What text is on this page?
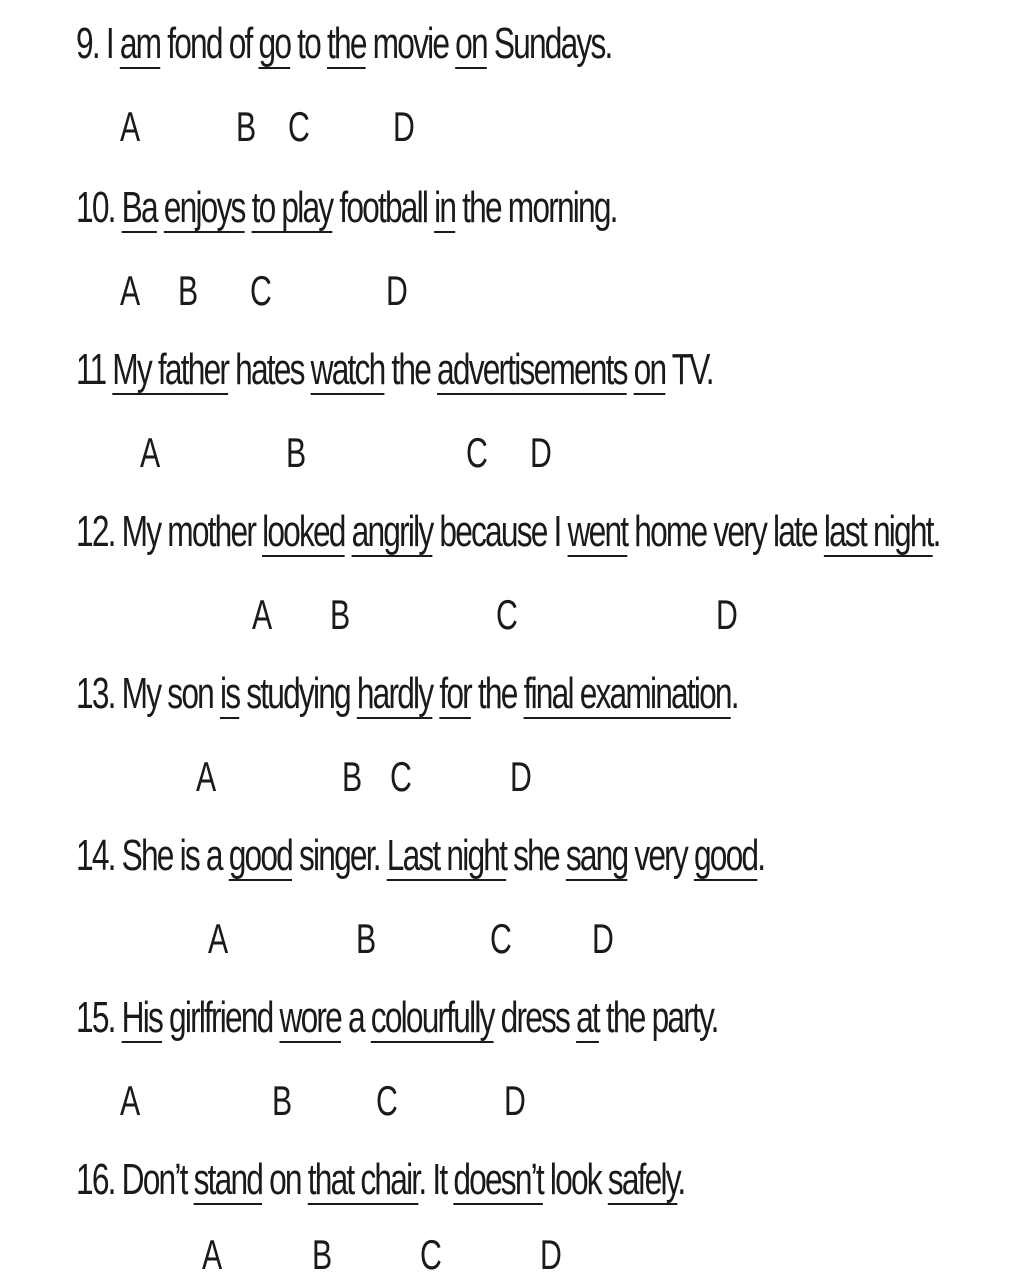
9. I am fond of go to the movie on Sundays.

A B C D

10. Ba enjoys to play football in the morning.

A B C	D

11 My father hates watch the advertisements on TV.

A	B	C D

12. My mother looked angrily because I went home very late last night.

A B	C	D

13. My son is studying hardly for the final examination.

A	B C D

14. She is a good singer. Last night she sang very good.

A	B	C D

15. His girlfriend wore a colourfully dress at the party.

A	B C	D

16. Don’t stand on that chair. It doesn’t look safely.

A B C D
